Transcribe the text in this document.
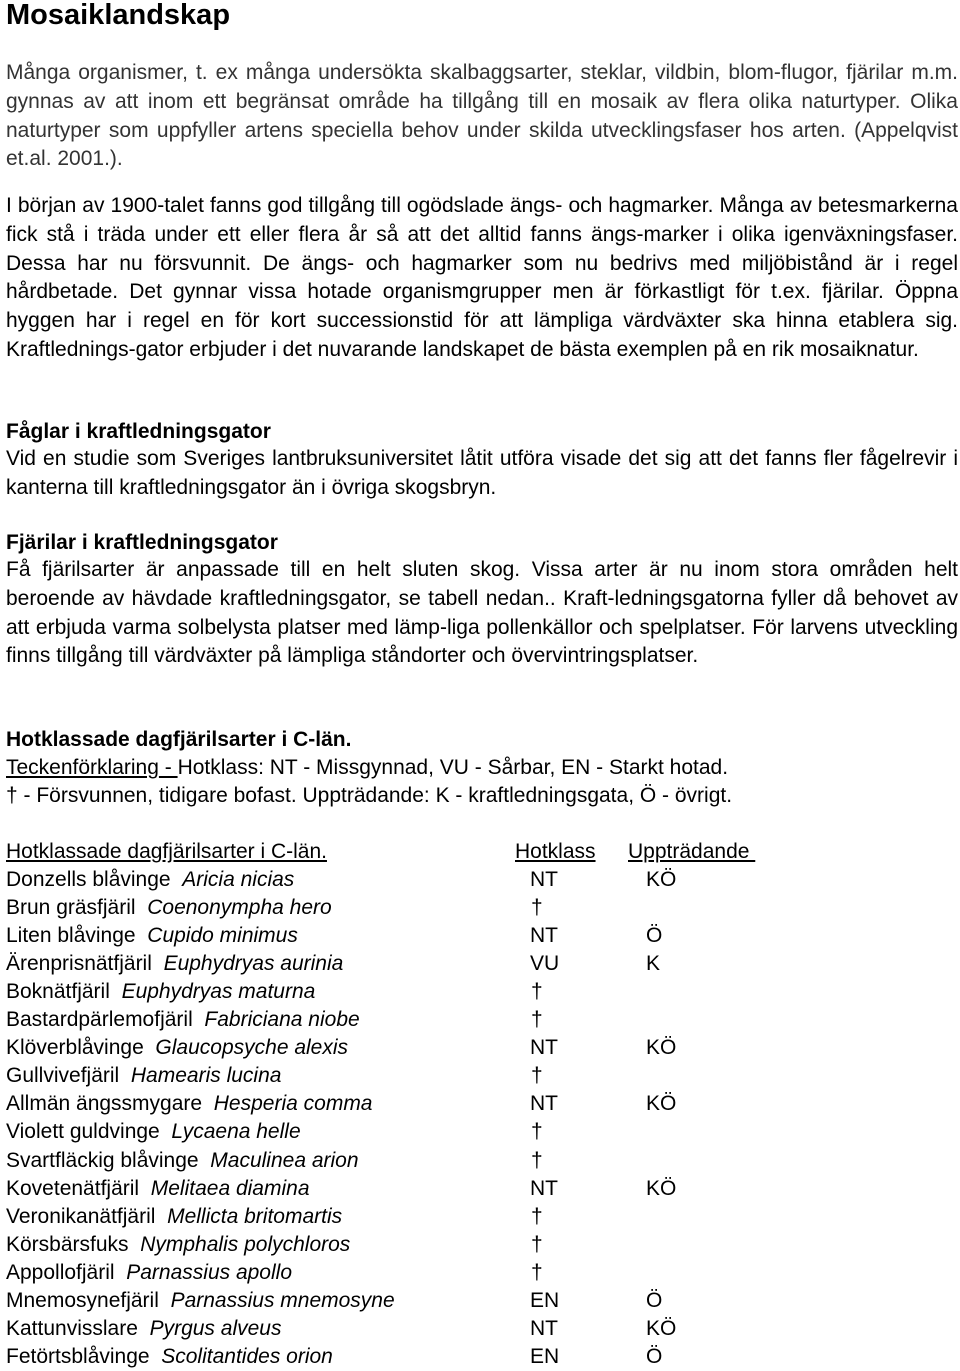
Mosaiklandskap
Många organismer, t. ex många undersökta skalbaggsarter, steklar, vildbin, blom-flugor, fjärilar m.m. gynnas av att inom ett begränsat område ha tillgång till en mosaik av flera olika naturtyper. Olika naturtyper som uppfyller artens speciella behov under skilda utvecklingsfaser hos arten. (Appelqvist et.al. 2001.).
I början av 1900-talet fanns god tillgång till ogödslade ängs- och hagmarker. Många av betesmarkerna fick stå i träda under ett eller flera år så att det alltid fanns ängs-marker i olika igenväxningsfaser. Dessa har nu försvunnit. De ängs- och hagmarker som nu bedrivs med miljöbistånd är i regel hårdbetade. Det gynnar vissa hotade organismgrupper men är förkastligt för t.ex. fjärilar. Öppna hyggen har i regel en för kort successionstid för att lämpliga värdväxter ska hinna etablera sig. Kraftlednings-gator erbjuder i det nuvarande landskapet de bästa exemplen på en rik mosaiknatur.
Fåglar i kraftledningsgator
Vid en studie som Sveriges lantbruksuniversitet låtit utföra visade det sig att det fanns fler fågelrevir i kanterna till kraftledningsgator än i övriga skogsbryn.
Fjärilar i kraftledningsgator
Få fjärilsarter är anpassade till en helt sluten skog. Vissa arter är nu inom stora områden helt beroende av hävdade kraftledningsgator, se tabell nedan.. Kraft-ledningsgatorna fyller då behovet av att erbjuda varma solbelysta platser med lämp-liga pollenkällor och spelplatser. För larvens utveckling finns tillgång till värdväxter på lämpliga ståndorter och övervintringsplatser.
Hotklassade dagfjärilsarter i C-län.
Teckenförklaring - Hotklass: NT - Missgynnad, VU - Sårbar, EN - Starkt hotad.
† - Försvunnen, tidigare bofast. Uppträdande: K - kraftledningsgata, Ö - övrigt.
Hotklassade dagfjärilsarter i C-län.	Hotklass Uppträdande
Donzells blåvinge  Aricia nicias	NT	KÖ
Brun gräsfjäril  Coenonympha hero	†
Liten blåvinge  Cupido minimus	NT	Ö
Ärenprisnätfjäril  Euphydryas aurinia	VU	K
Boknätfjäril  Euphydryas maturna	†
Bastardpärlemofjäril  Fabriciana niobe	†
Klöverblåvinge  Glaucopsyche alexis	NT	KÖ
Gullvivefjäril  Hamearis lucina	†
Allmän ängssmygare  Hesperia comma	NT	KÖ
Violett guldvinge  Lycaena helle	†
Svartfläckig blåvinge  Maculinea arion	†
Kovetenätfjäril  Melitaea diamina	NT	KÖ
Veronikanätfjäril  Mellicta britomartis	†
Körsbärsfuks  Nymphalis polychloros	†
Appollofjäril  Parnassius apollo	†
Mnemosynefjäril  Parnassius mnemosyne	EN	Ö
Kattunvisslare  Pyrgus alveus	NT	KÖ
Fetörtsblåvinge  Scolitantides orion	EN	Ö
